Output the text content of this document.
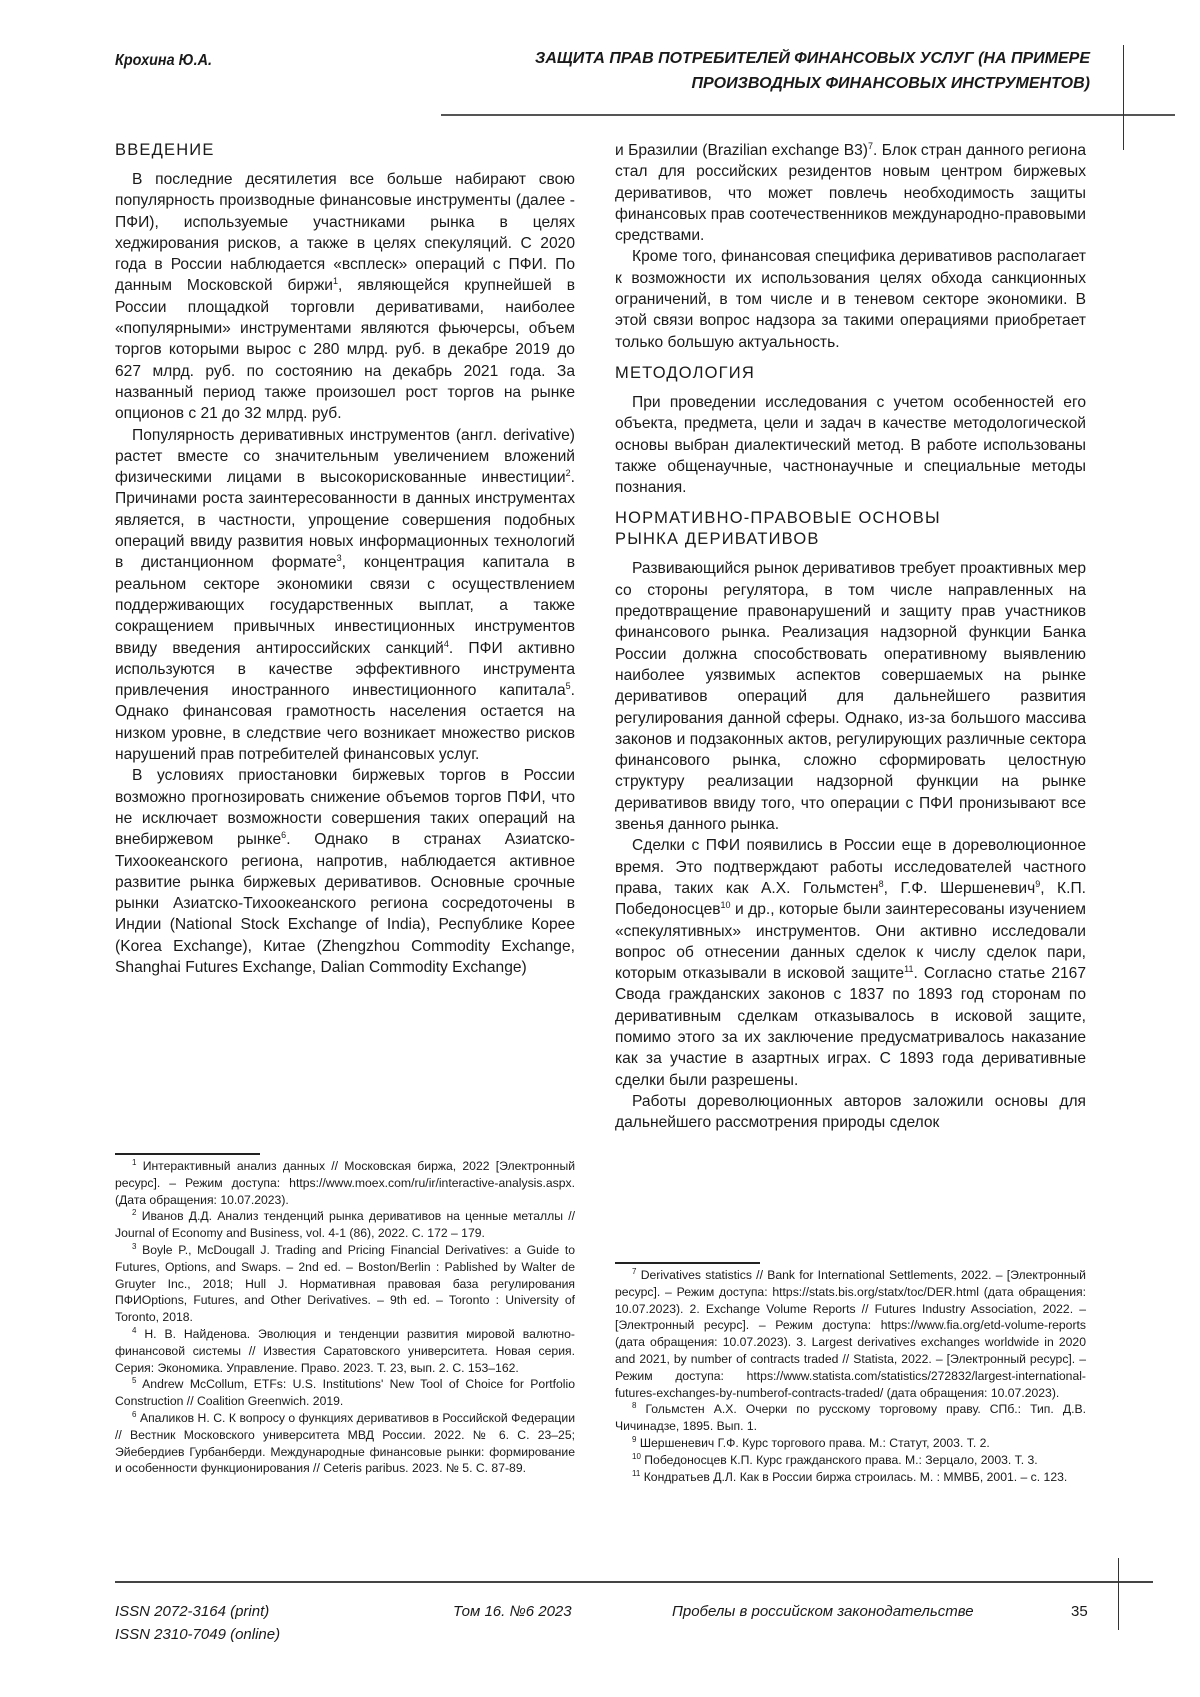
Крохина Ю.А.	ЗАЩИТА ПРАВ ПОТРЕБИТЕЛЕЙ ФИНАНСОВЫХ УСЛУГ (НА ПРИМЕРЕ
ПРОИЗВОДНЫХ ФИНАНСОВЫХ ИНСТРУМЕНТОВ)
ВВЕДЕНИЕ

В последние десятилетия все больше набирают свою популярность производные финансовые инструменты (далее - ПФИ), используемые участниками рынка в целях хеджирования рисков, а также в целях спекуляций. С 2020 года в России наблюдается «всплеск» операций с ПФИ. По данным Московской биржи1, являющейся крупнейшей в России площадкой торговли деривативами, наиболее «популярными» инструментами являются фьючерсы, объем торгов которыми вырос с 280 млрд. руб. в декабре 2019 до 627 млрд. руб. по состоянию на декабрь 2021 года. За названный период также произошел рост торгов на рынке опционов с 21 до 32 млрд. руб.

Популярность деривативных инструментов (англ. derivative) растет вместе со значительным увеличением вложений физическими лицами в высокорискованные инвестиции2. Причинами роста заинтересованности в данных инструментах является, в частности, упрощение совершения подобных операций ввиду развития новых информационных технологий в дистанционном формате3, концентрация капитала в реальном секторе экономики связи с осуществлением поддерживающих государственных выплат, а также сокращением привычных инвестиционных инструментов ввиду введения антироссийских санкций4. ПФИ активно используются в качестве эффективного инструмента привлечения иностранного инвестиционного капитала5. Однако финансовая грамотность населения остается на низком уровне, в следствие чего возникает множество рисков нарушений прав потребителей финансовых услуг.

В условиях приостановки биржевых торгов в России возможно прогнозировать снижение объемов торгов ПФИ, что не исключает возможности совершения таких операций на внебиржевом рынке6. Однако в странах Азиатско-Тихоокеанского региона, напротив, наблюдается активное развитие рынка биржевых деривативов. Основные срочные рынки Азиатско-Тихоокеанского региона сосредоточены в Индии (National Stock Exchange of India), Республике Корее (Korea Exchange), Китае (Zhengzhou Commodity Exchange, Shanghai Futures Exchange, Dalian Commodity Exchange)

и Бразилии (Brazilian exchange B3)7. Блок стран данного региона стал для российских резидентов новым центром биржевых деривативов, что может повлечь необходимость защиты финансовых прав соотечественников международно-правовыми средствами.

Кроме того, финансовая специфика деривативов располагает к возможности их использования целях обхода санкционных ограничений, в том числе и в теневом секторе экономики. В этой связи вопрос надзора за такими операциями приобретает только большую актуальность.

МЕТОДОЛОГИЯ

При проведении исследования с учетом особенностей его объекта, предмета, цели и задач в качестве методологической основы выбран диалектический метод. В работе использованы также общенаучные, частнонаучные и специальные методы познания.

НОРМАТИВНО-ПРАВОВЫЕ ОСНОВЫ
РЫНКА ДЕРИВАТИВОВ

Развивающийся рынок деривативов требует проактивных мер со стороны регулятора, в том числе направленных на предотвращение правонарушений и защиту прав участников финансового рынка. Реализация надзорной функции Банка России должна способствовать оперативному выявлению наиболее уязвимых аспектов совершаемых на рынке деривативов операций для дальнейшего развития регулирования данной сферы. Однако, из-за большого массива законов и подзаконных актов, регулирующих различные сектора финансового рынка, сложно сформировать целостную структуру реализации надзорной функции на рынке деривативов ввиду того, что операции с ПФИ пронизывают все звенья данного рынка.

Сделки с ПФИ появились в России еще в дореволюционное время. Это подтверждают работы исследователей частного права, таких как А.Х. Гольмстен8, Г.Ф. Шершеневич9, К.П. Победоносцев10 и др., которые были заинтересованы изучением «спекулятивных» инструментов. Они активно исследовали вопрос об отнесении данных сделок к числу сделок пари, которым отказывали в исковой защите11. Согласно статье 2167 Свода гражданских законов с 1837 по 1893 год сторонам по деривативным сделкам отказывалось в исковой защите, помимо этого за их заключение предусматривалось наказание как за участие в азартных играх. С 1893 года деривативные сделки были разрешены.

Работы дореволюционных авторов заложили основы для дальнейшего рассмотрения природы сделок

1 Интерактивный анализ данных // Московская биржа, 2022 [Электронный ресурс]. – Режим доступа: https://www.moex.com/ru/ir/interactive-analysis.aspx. (Дата обращения: 10.07.2023).

2 Иванов Д.Д. Анализ тенденций рынка деривативов на ценные металлы // Journal of Economy and Business, vol. 4-1 (86), 2022. С. 172 – 179.

3 Boyle P., McDougall J. Trading and Pricing Financial Derivatives: a Guide to Futures, Options, and Swaps. – 2nd ed. – Boston/Berlin : Pablished by Walter de Gruyter Inc., 2018; Hull J. Нормативная правовая база регулирования ПФИOptions, Futures, and Other Derivatives. – 9th ed. – Toronto : University of Toronto, 2018.

4 Н. В. Найденова. Эволюция и тенденции развития мировой валютно-финансовой системы // Известия Саратовского университета. Новая серия. Серия: Экономика. Управление. Право. 2023. Т. 23, вып. 2. С. 153–162.

5 Andrew McCollum, ETFs: U.S. Institutions' New Tool of Choice for Portfolio Construction // Coalition Greenwich. 2019.

6 Апаликов Н. С. К вопросу о функциях деривативов в Российской Федерации // Вестник Московского университета МВД России. 2022. № 6. С. 23–25; Эйебердиев Гурбанберди. Международные финансовые рынки: формирование и особенности функционирования // Ceteris paribus. 2023. № 5. С. 87-89.

7 Derivatives statistics // Bank for International Settlements, 2022. – [Электронный ресурс]. – Режим доступа: https://stats.bis.org/statx/toc/DER.html (дата обращения: 10.07.2023). 2. Exchange Volume Reports // Futures Industry Association, 2022. – [Электронный ресурс]. – Режим доступа: https://www.fia.org/etd-volume-reports (дата обращения: 10.07.2023). 3. Largest derivatives exchanges worldwide in 2020 and 2021, by number of contracts traded // Statista, 2022. – [Электронный ресурс]. – Режим доступа: https://www.statista.com/statistics/272832/largest-international-futures-exchanges-by-numberof-contracts-traded/ (дата обращения: 10.07.2023).

8 Гольмстен А.Х. Очерки по русскому торговому праву. СПб.: Тип. Д.В. Чичинадзе, 1895. Вып. 1.

9 Шершеневич Г.Ф. Курс торгового права. М.: Статут, 2003. Т. 2.

10 Победоносцев К.П. Курс гражданского права. М.: Зерцало, 2003. Т. 3.

11 Кондратьев Д.Л. Как в России биржа строилась. М. : ММВБ, 2001. – с. 123.

ISSN 2072-3164 (print)
ISSN 2310-7049 (online)
Том 16. №6 2023	Пробелы в российском законодательстве	35
